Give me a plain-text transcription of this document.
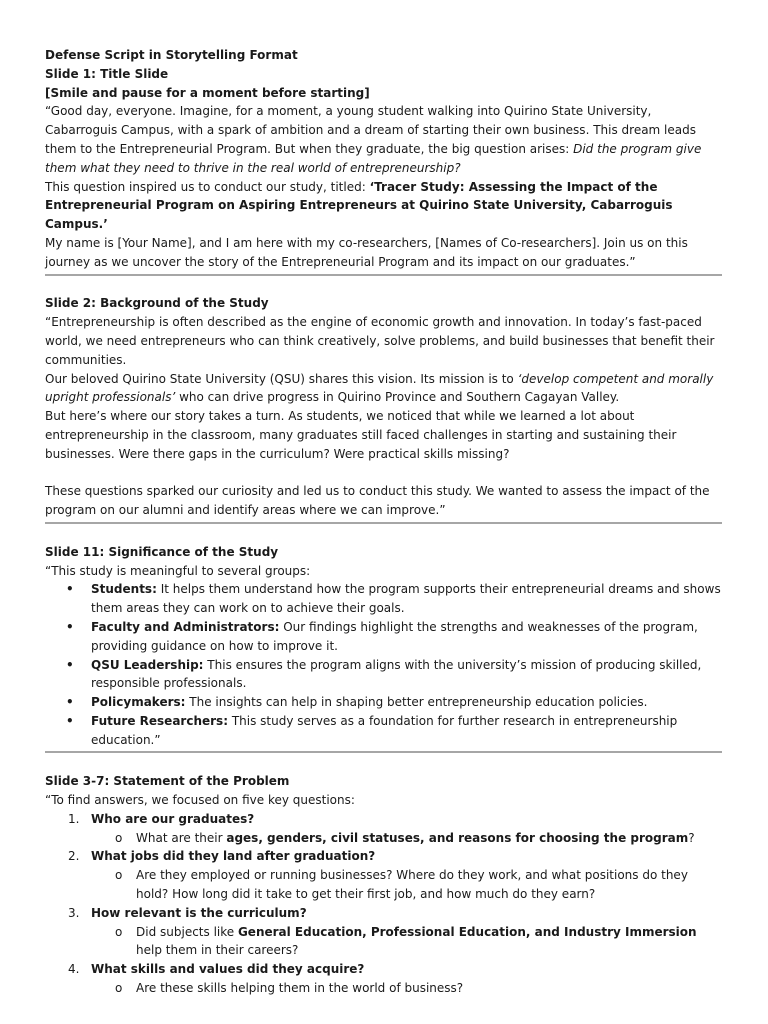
Defense Script in Storytelling Format

Slide 1: Title Slide

[Smile and pause for a moment before starting]

“Good day, everyone. Imagine, for a moment, a young student walking into Quirino State University, Cabarroguis Campus, with a spark of ambition and a dream of starting their own business. This dream leads them to the Entrepreneurial Program. But when they graduate, the big question arises: Did the program give them what they need to thrive in the real world of entrepreneurship?

This question inspired us to conduct our study, titled: ‘Tracer Study: Assessing the Impact of the Entrepreneurial Program on Aspiring Entrepreneurs at Quirino State University, Cabarroguis Campus.’

My name is [Your Name], and I am here with my co-researchers, [Names of Co-researchers]. Join us on this journey as we uncover the story of the Entrepreneurial Program and its impact on our graduates.”

Slide 2: Background of the Study

“Entrepreneurship is often described as the engine of economic growth and innovation. In today’s fast-paced world, we need entrepreneurs who can think creatively, solve problems, and build businesses that benefit their communities.

Our beloved Quirino State University (QSU) shares this vision. Its mission is to ‘develop competent and morally upright professionals’ who can drive progress in Quirino Province and Southern Cagayan Valley.

But here’s where our story takes a turn. As students, we noticed that while we learned a lot about entrepreneurship in the classroom, many graduates still faced challenges in starting and sustaining their businesses. Were there gaps in the curriculum? Were practical skills missing?

These questions sparked our curiosity and led us to conduct this study. We wanted to assess the impact of the program on our alumni and identify areas where we can improve.”

Slide 11: Significance of the Study

“This study is meaningful to several groups:

• Students: It helps them understand how the program supports their entrepreneurial dreams and shows them areas they can work on to achieve their goals.
• Faculty and Administrators: Our findings highlight the strengths and weaknesses of the program, providing guidance on how to improve it.
• QSU Leadership: This ensures the program aligns with the university’s mission of producing skilled, responsible professionals.
• Policymakers: The insights can help in shaping better entrepreneurship education policies.
• Future Researchers: This study serves as a foundation for further research in entrepreneurship education.”

Slide 3-7: Statement of the Problem

“To find answers, we focused on five key questions:

1. Who are our graduates?
o What are their ages, genders, civil statuses, and reasons for choosing the program?
2. What jobs did they land after graduation?
o Are they employed or running businesses? Where do they work, and what positions do they hold? How long did it take to get their first job, and how much do they earn?
3. How relevant is the curriculum?
o Did subjects like General Education, Professional Education, and Industry Immersion help them in their careers?
4. What skills and values did they acquire?
o Are these skills helping them in the world of business?
